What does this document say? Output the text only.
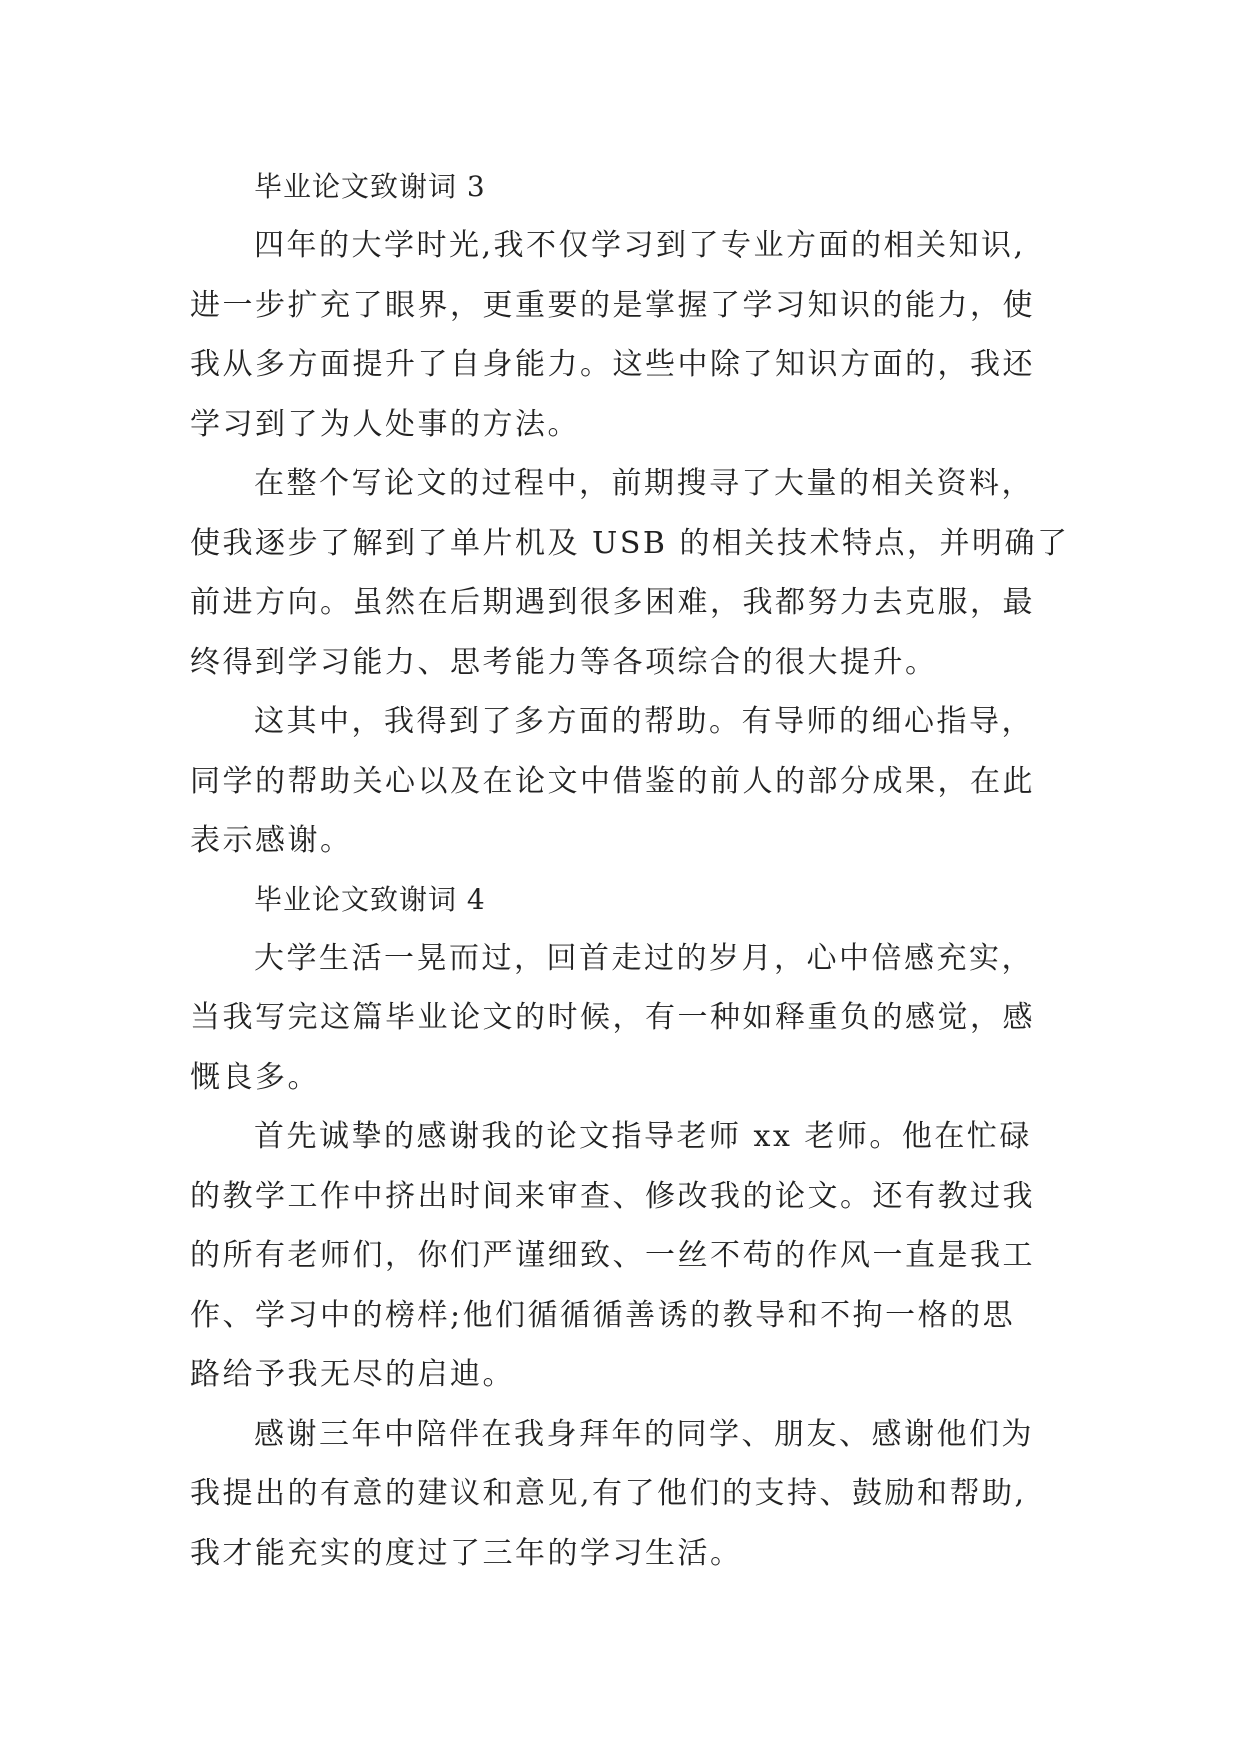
毕业论文致谢词 3

四年的大学时光,我不仅学习到了专业方面的相关知识,
进一步扩充了眼界，更重要的是掌握了学习知识的能力，使
我从多方面提升了自身能力。这些中除了知识方面的，我还
学习到了为人处事的方法。

在整个写论文的过程中，前期搜寻了大量的相关资料，
使我逐步了解到了单片机及 USB 的相关技术特点，并明确了
前进方向。虽然在后期遇到很多困难，我都努力去克服，最
终得到学习能力、思考能力等各项综合的很大提升。

这其中，我得到了多方面的帮助。有导师的细心指导，
同学的帮助关心以及在论文中借鉴的前人的部分成果，在此
表示感谢。

毕业论文致谢词 4

大学生活一晃而过，回首走过的岁月，心中倍感充实，
当我写完这篇毕业论文的时候，有一种如释重负的感觉，感
慨良多。

首先诚挚的感谢我的论文指导老师 xx 老师。他在忙碌
的教学工作中挤出时间来审查、修改我的论文。还有教过我
的所有老师们，你们严谨细致、一丝不苟的作风一直是我工
作、学习中的榜样;他们循循循善诱的教导和不拘一格的思
路给予我无尽的启迪。

感谢三年中陪伴在我身拜年的同学、朋友、感谢他们为
我提出的有意的建议和意见,有了他们的支持、鼓励和帮助,
我才能充实的度过了三年的学习生活。
